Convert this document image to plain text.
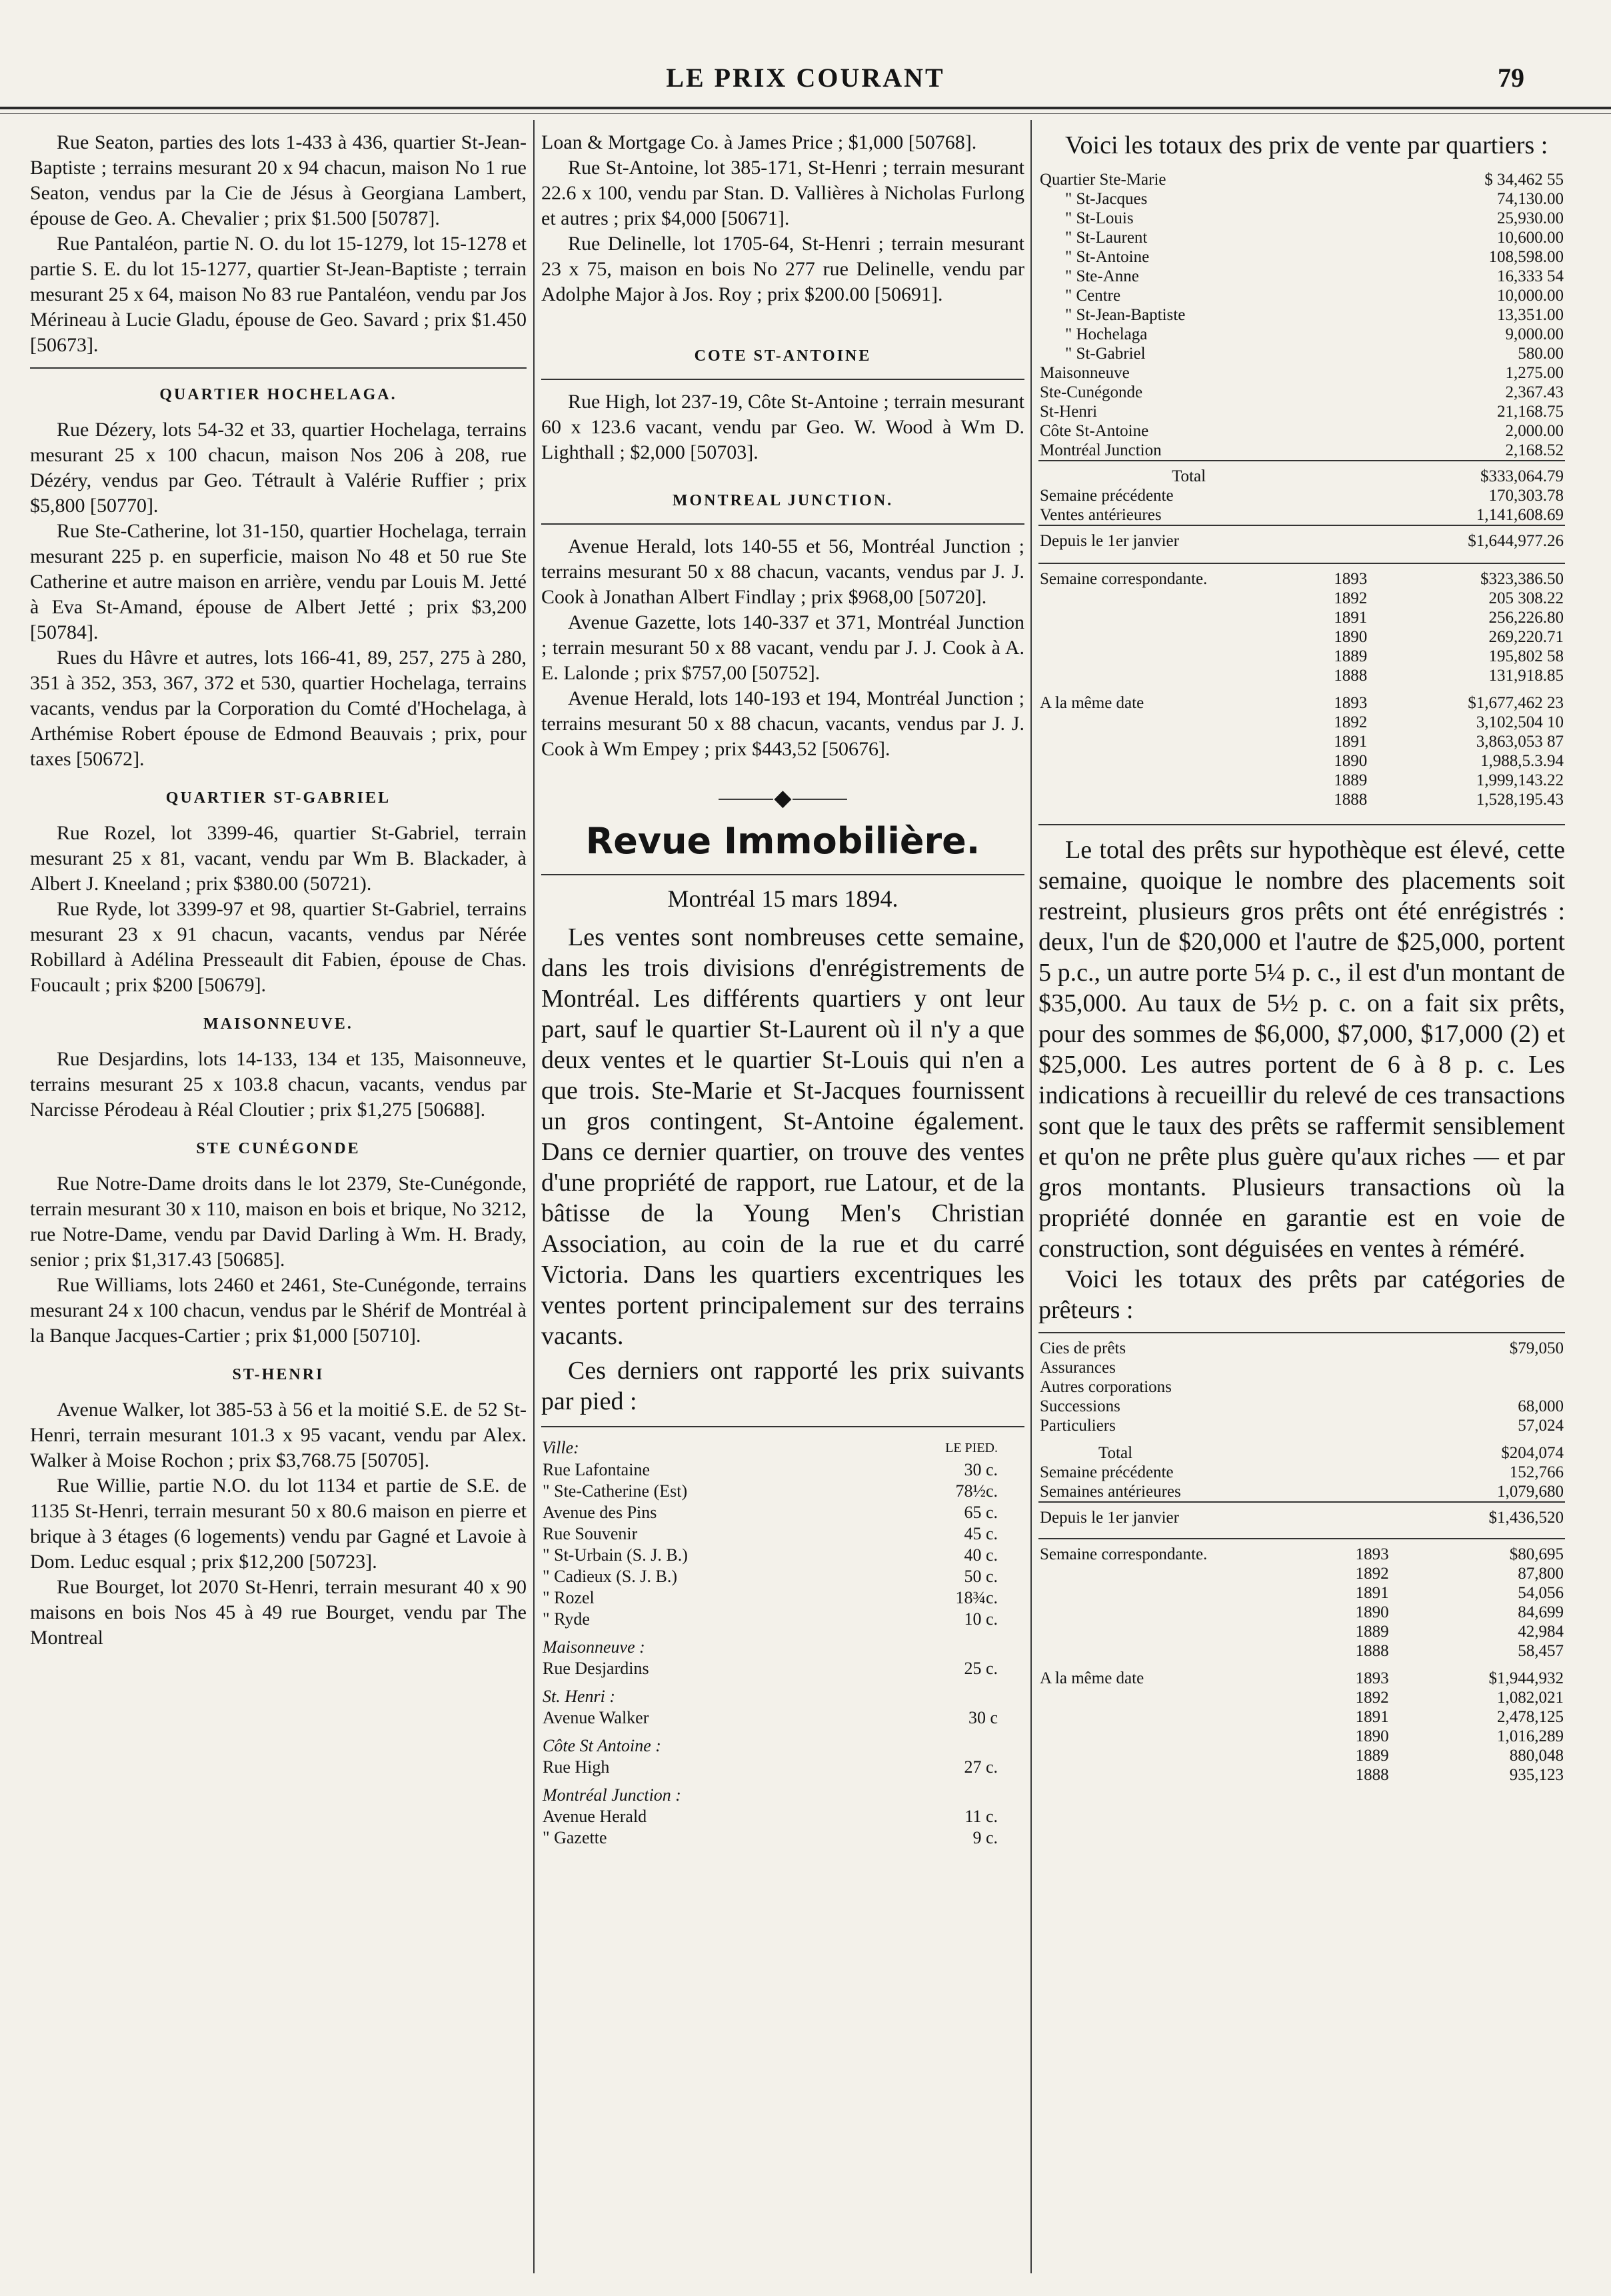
LE PRIX COURANT	79

Rue Seaton, parties des lots 1-433 à 436, quartier St-Jean-Baptiste ; terrains mesurant 20 x 94 chacun, maison No 1 rue Seaton, vendus par la Cie de Jésus à Georgiana Lambert, épouse de Geo. A. Chevalier ; prix $1.500 [50787].

Rue Pantaléon, partie N. O. du lot 15-1279, lot 15-1278 et partie S. E. du lot 15-1277, quartier St-Jean-Baptiste ; terrain mesurant 25 x 64, maison No 83 rue Pantaléon, vendu par Jos Mérineau à Lucie Gladu, épouse de Geo. Savard ; prix $1.450 [50673].

QUARTIER HOCHELAGA.

Rue Dézery, lots 54-32 et 33, quartier Hochelaga, terrains mesurant 25 x 100 chacun, maison Nos 206 à 208, rue Dézéry, vendus par Geo. Tétrault à Valérie Ruffier ; prix $5,800 [50770].

Rue Ste-Catherine, lot 31-150, quartier Hochelaga, terrain mesurant 225 p. en superficie, maison No 48 et 50 rue Ste Catherine et autre maison en arrière, vendu par Louis M. Jetté à Eva St-Amand, épouse de Albert Jetté ; prix $3,200 [50784].

Rues du Hâvre et autres, lots 166-41, 89, 257, 275 à 280, 351 à 352, 353, 367, 372 et 530, quartier Hochelaga, terrains vacants, vendus par la Corporation du Comté d'Hochelaga, à Arthémise Robert épouse de Edmond Beauvais ; prix, pour taxes [50672].

QUARTIER ST-GABRIEL

Rue Rozel, lot 3399-46, quartier St-Gabriel, terrain mesurant 25 x 81, vacant, vendu par Wm B. Blackader, à Albert J. Kneeland ; prix $380.00 (50721).

Rue Ryde, lot 3399-97 et 98, quartier St-Gabriel, terrains mesurant 23 x 91 chacun, vacants, vendus par Nérée Robillard à Adélina Presseault dit Fabien, épouse de Chas. Foucault ; prix $200 [50679].

MAISONNEUVE.

Rue Desjardins, lots 14-133, 134 et 135, Maisonneuve, terrains mesurant 25 x 103.8 chacun, vacants, vendus par Narcisse Pérodeau à Réal Cloutier ; prix $1,275 [50688].

STE CUNÉGONDE

Rue Notre-Dame droits dans le lot 2379, Ste-Cunégonde, terrain mesurant 30 x 110, maison en bois et brique, No 3212, rue Notre-Dame, vendu par David Darling à Wm. H. Brady, senior ; prix $1,317.43 [50685].

Rue Williams, lots 2460 et 2461, Ste-Cunégonde, terrains mesurant 24 x 100 chacun, vendus par le Shérif de Montréal à la Banque Jacques-Cartier ; prix $1,000 [50710].

ST-HENRI

Avenue Walker, lot 385-53 à 56 et la moitié S.E. de 52 St-Henri, terrain mesurant 101.3 x 95 vacant, vendu par Alex. Walker à Moise Rochon ; prix $3,768.75 [50705].

Rue Willie, partie N.O. du lot 1134 et partie de S.E. de 1135 St-Henri, terrain mesurant 50 x 80.6 maison en pierre et brique à 3 étages (6 logements) vendu par Gagné et Lavoie à Dom. Leduc esqual ; prix $12,200 [50723].

Rue Bourget, lot 2070 St-Henri, terrain mesurant 40 x 90 maisons en bois Nos 45 à 49 rue Bourget, vendu par The Montreal

Loan & Mortgage Co. à James Price ; $1,000 [50768].

Rue St-Antoine, lot 385-171, St-Henri ; terrain mesurant 22.6 x 100, vendu par Stan. D. Vallières à Nicholas Furlong et autres ; prix $4,000 [50671].

Rue Delinelle, lot 1705-64, St-Henri ; terrain mesurant 23 x 75, maison en bois No 277 rue Delinelle, vendu par Adolphe Major à Jos. Roy ; prix $200.00 [50691].

COTE ST-ANTOINE

Rue High, lot 237-19, Côte St-Antoine ; terrain mesurant 60 x 123.6 vacant, vendu par Geo. W. Wood à Wm D. Lighthall ; $2,000 [50703].

MONTREAL JUNCTION.

Avenue Herald, lots 140-55 et 56, Montréal Junction ; terrains mesurant 50 x 88 chacun, vacants, vendus par J. J. Cook à Jonathan Albert Findlay ; prix $968,00 [50720].

Avenue Gazette, lots 140-337 et 371, Montréal Junction ; terrain mesurant 50 x 88 vacant, vendu par J. J. Cook à A. E. Lalonde ; prix $757,00 [50752].

Avenue Herald, lots 140-193 et 194, Montréal Junction ; terrains mesurant 50 x 88 chacun, vacants, vendus par J. J. Cook à Wm Empey ; prix $443,52 [50676].

⸻◆⸻
Revue Immobilière.
Montréal 15 mars 1894.

Les ventes sont nombreuses cette semaine, dans les trois divisions d'enrégistrements de Montréal. Les différents quartiers y ont leur part, sauf le quartier St-Laurent où il n'y a que deux ventes et le quartier St-Louis qui n'en a que trois. Ste-Marie et St-Jacques fournissent un gros contingent, St-Antoine également. Dans ce dernier quartier, on trouve des ventes d'une propriété de rapport, rue Latour, et de la bâtisse de la Young Men's Christian Association, au coin de la rue et du carré Victoria. Dans les quartiers excentriques les ventes portent principalement sur des terrains vacants.

Ces derniers ont rapporté les prix suivants par pied :

Ville:	LE PIED.
Rue Lafontaine	30 c.
" Ste-Catherine (Est)	78½c.
Avenue des Pins	65 c.
Rue Souvenir	45 c.
" St-Urbain (S. J. B.)	40 c.
" Cadieux (S. J. B.)	50 c.
" Rozel	18¾c.
" Ryde	10 c.
Maisonneuve :	
Rue Desjardins	25 c.
St. Henri :	
Avenue Walker	30 c
Côte St Antoine :	
Rue High	27 c.
Montréal Junction :	
Avenue Herald	11 c.
" Gazette	9 c.

Voici les totaux des prix de vente par quartiers :

Quartier Ste-Marie	$ 34,462 55
" St-Jacques	74,130.00
" St-Louis	25,930.00
" St-Laurent	10,600.00
" St-Antoine	108,598.00
" Ste-Anne	16,333 54
" Centre	10,000.00
" St-Jean-Baptiste	13,351.00
" Hochelaga	9,000.00
" St-Gabriel	580.00
Maisonneuve	1,275.00
Ste-Cunégonde	2,367.43
St-Henri	21,168.75
Côte St-Antoine	2,000.00
Montréal Junction	2,168.52
Total	$333,064.79
Semaine précédente	170,303.78
Ventes antérieures	1,141,608.69
Depuis le 1er janvier	$1,644,977.26
Semaine correspondante.	1893	$323,386.50
	1892	205 308.22
	1891	256,226.80
	1890	269,220.71
	1889	195,802 58
	1888	131,918.85
A la même date	1893	$1,677,462 23
	1892	3,102,504 10
	1891	3,863,053 87
	1890	1,988,5.3.94
	1889	1,999,143.22
	1888	1,528,195.43

Le total des prêts sur hypothèque est élevé, cette semaine, quoique le nombre des placements soit restreint, plusieurs gros prêts ont été enrégistrés : deux, l'un de $20,000 et l'autre de $25,000, portent 5 p.c., un autre porte 5¼ p. c., il est d'un montant de $35,000. Au taux de 5½ p. c. on a fait six prêts, pour des sommes de $6,000, $7,000, $17,000 (2) et $25,000. Les autres portent de 6 à 8 p. c. Les indications à recueillir du relevé de ces transactions sont que le taux des prêts se raffermit sensiblement et qu'on ne prête plus guère qu'aux riches — et par gros montants. Plusieurs transactions où la propriété donnée en garantie est en voie de construction, sont déguisées en ventes à réméré.

Voici les totaux des prêts par catégories de prêteurs :

Cies de prêts	$79,050
Assurances	
Autres corporations	
Successions	68,000
Particuliers	57,024
Total	$204,074
Semaine précédente	152,766
Semaines antérieures	1,079,680
Depuis le 1er janvier	$1,436,520
Semaine correspondante.	1893	$80,695
	1892	87,800
	1891	54,056
	1890	84,699
	1889	42,984
	1888	58,457
A la même date	1893	$1,944,932
	1892	1,082,021
	1891	2,478,125
	1890	1,016,289
	1889	880,048
	1888	935,123
